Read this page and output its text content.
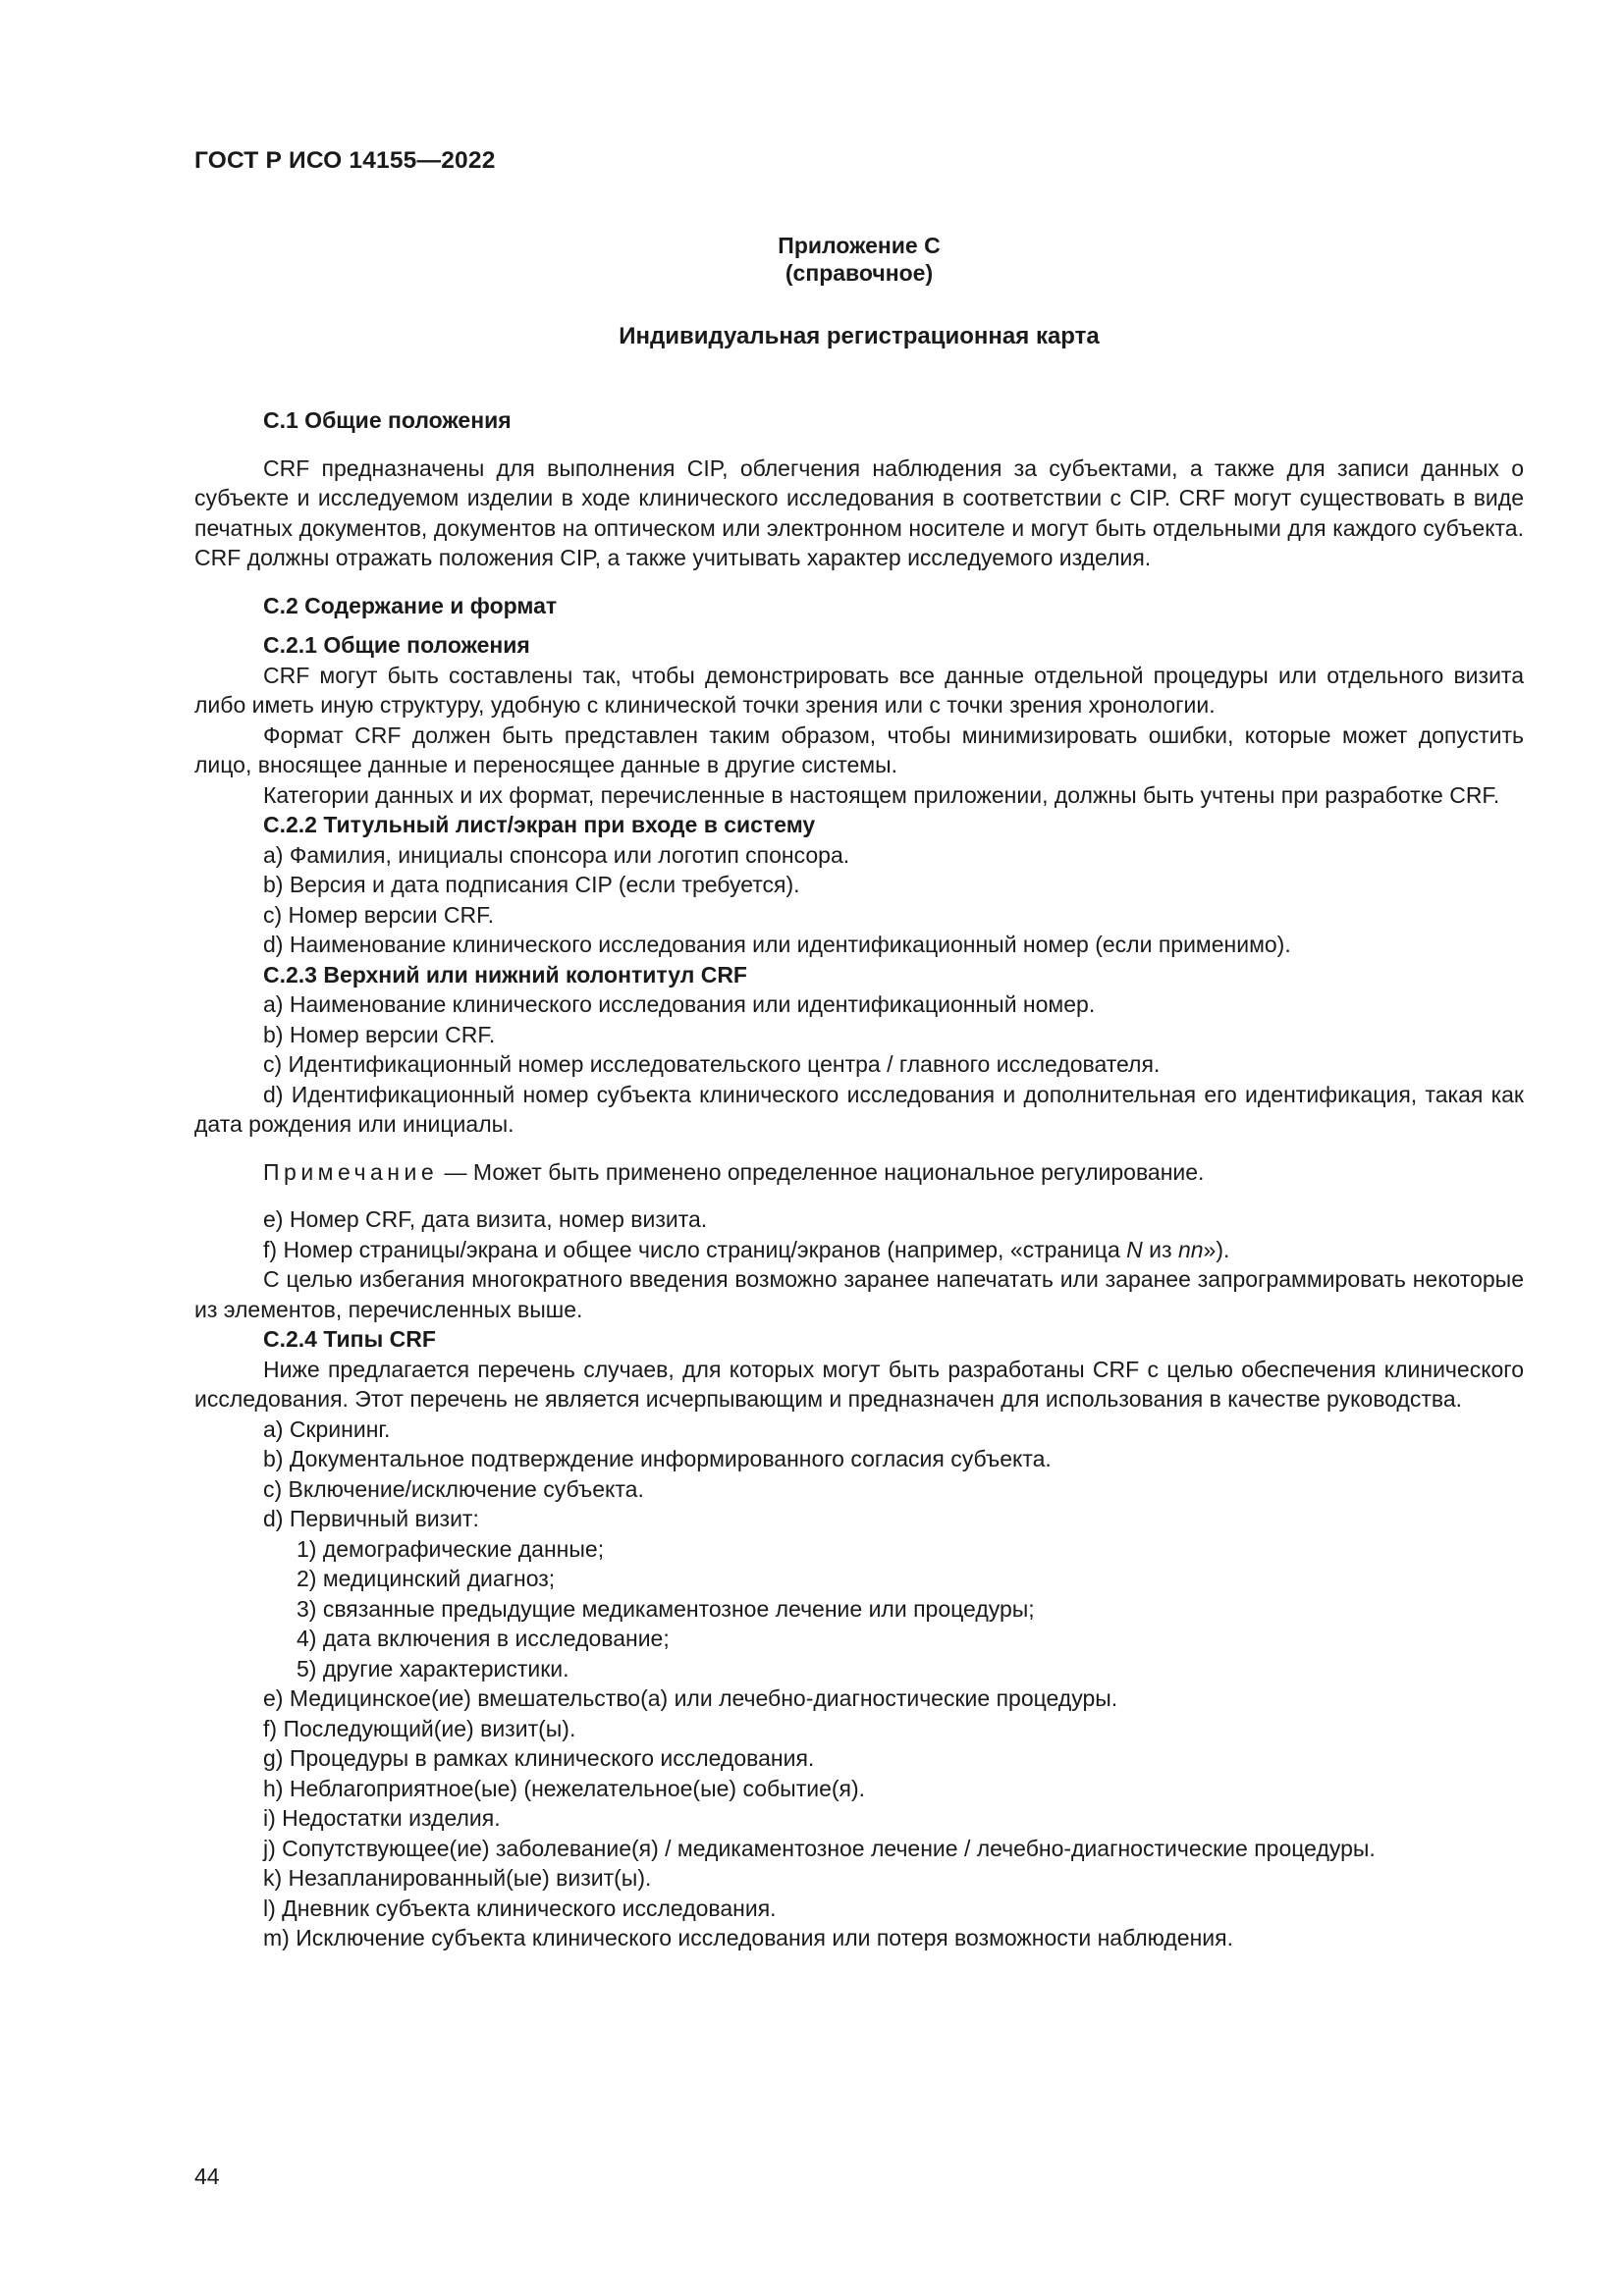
ГОСТ Р ИСО 14155—2022
Приложение С
(справочное)
Индивидуальная регистрационная карта

С.1 Общие положения

CRF предназначены для выполнения CIP, облегчения наблюдения за субъектами, а также для записи данных о субъекте и исследуемом изделии в ходе клинического исследования в соответствии с CIP. CRF могут существовать в виде печатных документов, документов на оптическом или электронном носителе и могут быть отдельными для каждого субъекта. CRF должны отражать положения CIP, а также учитывать характер исследуемого изделия.

С.2 Содержание и формат

С.2.1 Общие положения

CRF могут быть составлены так, чтобы демонстрировать все данные отдельной процедуры или отдельного визита либо иметь иную структуру, удобную с клинической точки зрения или с точки зрения хронологии.

Формат CRF должен быть представлен таким образом, чтобы минимизировать ошибки, которые может допустить лицо, вносящее данные и переносящее данные в другие системы.

Категории данных и их формат, перечисленные в настоящем приложении, должны быть учтены при разработке CRF.

С.2.2 Титульный лист/экран при входе в систему

a) Фамилия, инициалы спонсора или логотип спонсора.

b) Версия и дата подписания CIP (если требуется).

c) Номер версии CRF.

d) Наименование клинического исследования или идентификационный номер (если применимо).

С.2.3 Верхний или нижний колонтитул CRF

a) Наименование клинического исследования или идентификационный номер.

b) Номер версии CRF.

c) Идентификационный номер исследовательского центра / главного исследователя.

d) Идентификационный номер субъекта клинического исследования и дополнительная его идентификация, такая как дата рождения или инициалы.

Примечание — Может быть применено определенное национальное регулирование.

e) Номер CRF, дата визита, номер визита.

f) Номер страницы/экрана и общее число страниц/экранов (например, «страница N из nn»).

С целью избегания многократного введения возможно заранее напечатать или заранее запрограммировать некоторые из элементов, перечисленных выше.

С.2.4 Типы CRF

Ниже предлагается перечень случаев, для которых могут быть разработаны CRF с целью обеспечения клинического исследования. Этот перечень не является исчерпывающим и предназначен для использования в качестве руководства.

a) Скрининг.

b) Документальное подтверждение информированного согласия субъекта.

c) Включение/исключение субъекта.

d) Первичный визит:

1) демографические данные;

2) медицинский диагноз;

3) связанные предыдущие медикаментозное лечение или процедуры;

4) дата включения в исследование;

5) другие характеристики.

e) Медицинское(ие) вмешательство(а) или лечебно-диагностические процедуры.

f) Последующий(ие) визит(ы).

g) Процедуры в рамках клинического исследования.

h) Неблагоприятное(ые) (нежелательное(ые) событие(я).

i) Недостатки изделия.

j) Сопутствующее(ие) заболевание(я) / медикаментозное лечение / лечебно-диагностические процедуры.

k) Незапланированный(ые) визит(ы).

l) Дневник субъекта клинического исследования.

m) Исключение субъекта клинического исследования или потеря возможности наблюдения.

44
